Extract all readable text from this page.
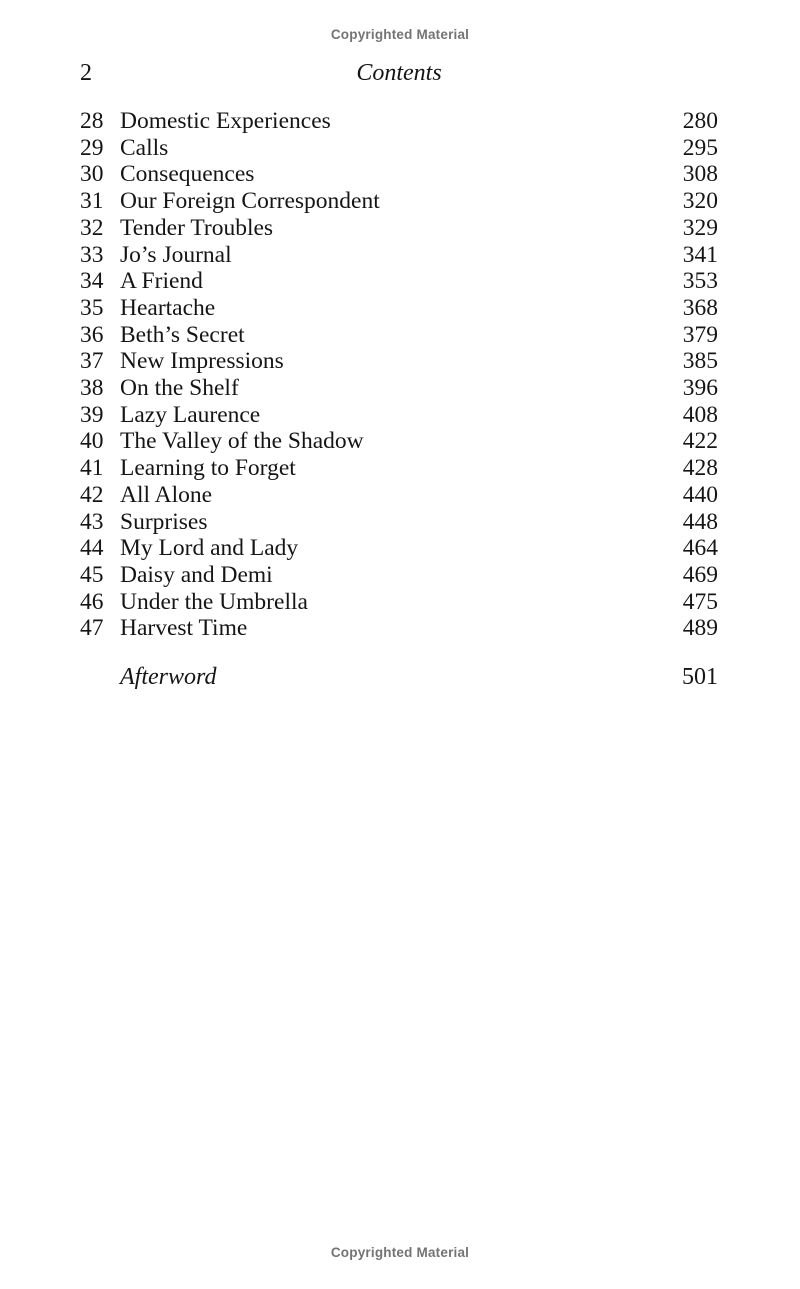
Copyrighted Material
2	Contents
28 Domestic Experiences	280
29 Calls	295
30 Consequences	308
31 Our Foreign Correspondent	320
32 Tender Troubles	329
33 Jo’s Journal	341
34 A Friend	353
35 Heartache	368
36 Beth’s Secret	379
37 New Impressions	385
38 On the Shelf	396
39 Lazy Laurence	408
40 The Valley of the Shadow	422
41 Learning to Forget	428
42 All Alone	440
43 Surprises	448
44 My Lord and Lady	464
45 Daisy and Demi	469
46 Under the Umbrella	475
47 Harvest Time	489
Afterword	501
Copyrighted Material
